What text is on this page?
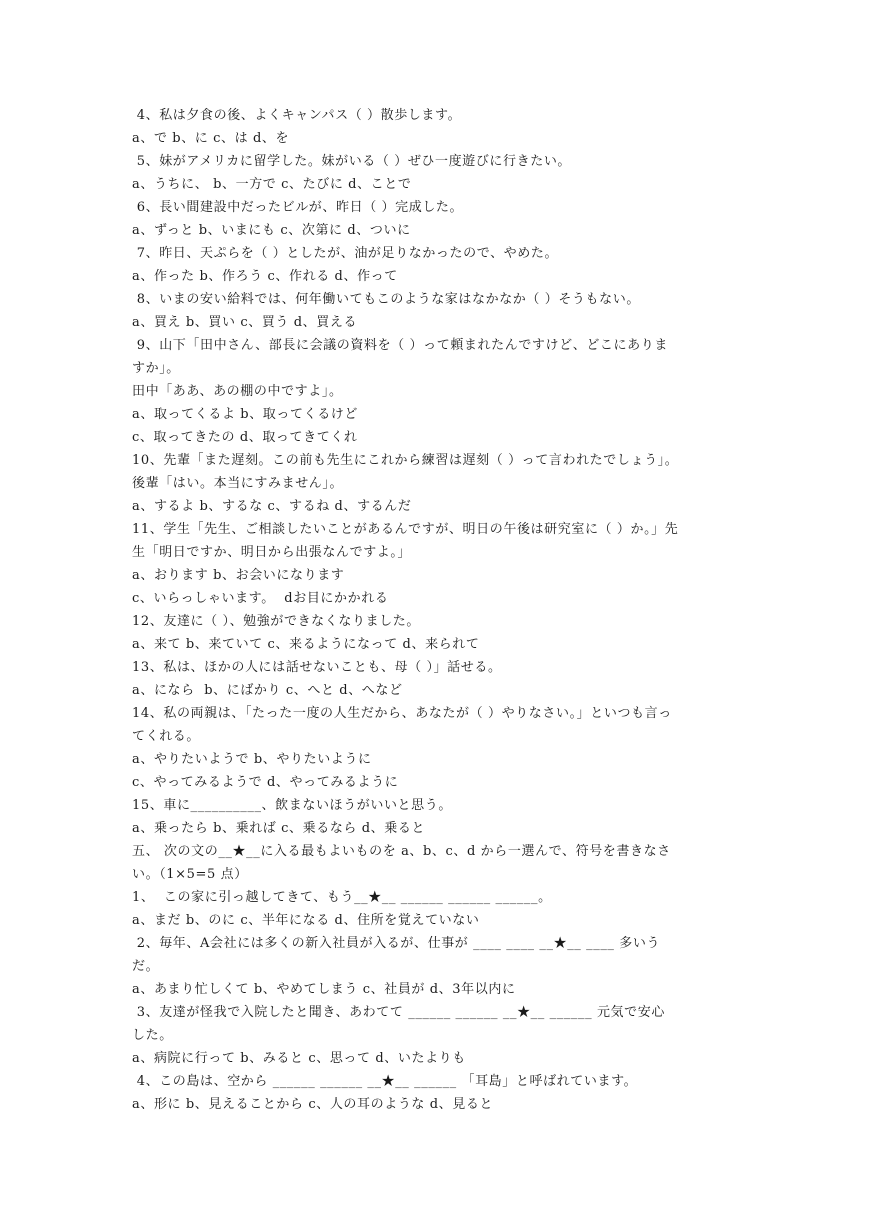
4、私は夕食の後、よくキャンパス（ ）散歩します。
a、で b、に c、は d、を
5、妹がアメリカに留学した。妹がいる（ ）ぜひ一度遊びに行きたい。
a、うちに、 b、一方で c、たびに d、ことで
6、長い間建設中だったビルが、昨日（ ）完成した。
a、ずっと b、いまにも c、次第に d、ついに
7、昨日、天ぷらを（ ）としたが、油が足りなかったので、やめた。
a、作った b、作ろう c、作れる d、作って
8、いまの安い給料では、何年働いてもこのような家はなかなか（ ）そうもない。
a、買え b、買い c、買う d、買える
9、山下「田中さん、部長に会議の資料を（ ）って頼まれたんですけど、どこにありま
すか」。
田中「ああ、あの棚の中ですよ」。
a、取ってくるよ b、取ってくるけど
c、取ってきたの d、取ってきてくれ
10、先輩「また遅刻。この前も先生にこれから練習は遅刻（ ）って言われたでしょう」。
後輩「はい。本当にすみません」。
a、するよ b、するな c、するね d、するんだ
11、学生「先生、ご相談したいことがあるんですが、明日の午後は研究室に（ ）か。」先
生「明日ですか、明日から出張なんですよ。」
a、おります b、お会いになります
c、いらっしゃいます。  dお目にかかれる
12、友達に（ ）、勉強ができなくなりました。
a、来て b、来ていて c、来るようになって d、来られて
13、私は、ほかの人には話せないことも、母（ ）」話せる。
a、になら  b、にばかり c、へと d、へなど
14、私の両親は、「たった一度の人生だから、あなたが（ ）やりなさい。」といつも言っ
てくれる。
a、やりたいようで b、やりたいように
c、やってみるようで d、やってみるように
15、車に__________、飲まないほうがいいと思う。
a、乗ったら b、乗れば c、乗るなら d、乗ると
五、 次の文の__★__に入る最もよいものを a、b、c、d から一選んで、符号を書きなさ
い。（1×5=5 点）
1、  この家に引っ越してきて、もう__★__ ______ ______ ______。
a、まだ b、のに c、半年になる d、住所を覚えていない
2、毎年、A会社には多くの新入社員が入るが、仕事が ____ ____ __★__ ____ 多いう
だ。
a、あまり忙しくて b、やめてしまう c、社員が d、3年以内に
3、友達が怪我で入院したと聞き、あわてて ______ ______ __★__ ______ 元気で安心
した。
a、病院に行って b、みると c、思って d、いたよりも
4、この島は、空から ______ ______ __★__ ______ 「耳島」と呼ばれています。
a、形に b、見えることから c、人の耳のような d、見ると
